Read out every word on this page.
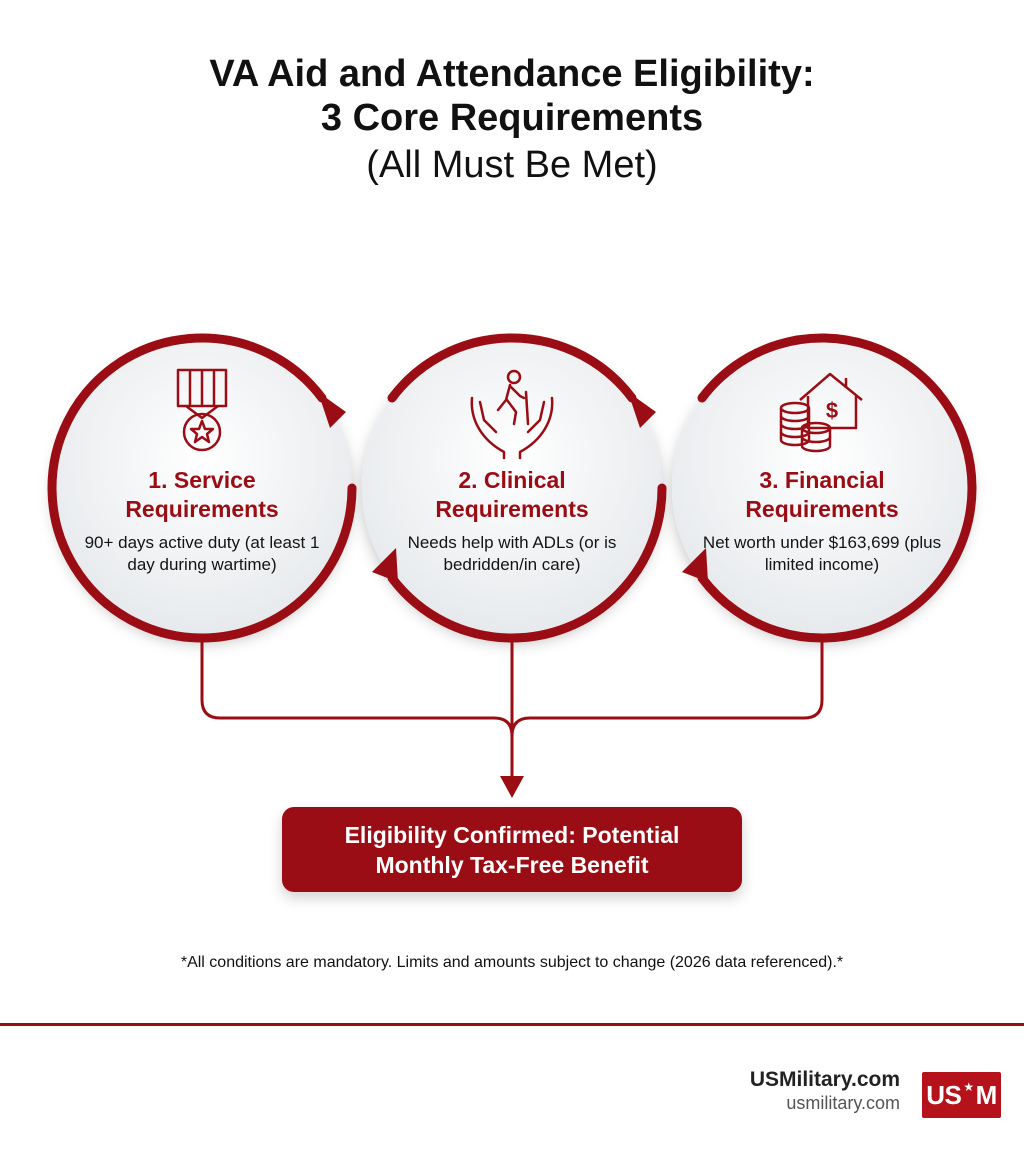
VA Aid and Attendance Eligibility:

3 Core Requirements

(All Must Be Met)

$
1. Service Requirements
90+ days active duty (at least 1 day during wartime)
2. Clinical Requirements
Needs help with ADLs (or is bedridden/in care)
3. Financial Requirements
Net worth under $163,699 (plus limited income)
Eligibility Confirmed: Potential Monthly Tax-Free Benefit
*All conditions are mandatory. Limits and amounts subject to change (2026 data referenced).*
USMilitary.com
usmilitary.com US ★ M
